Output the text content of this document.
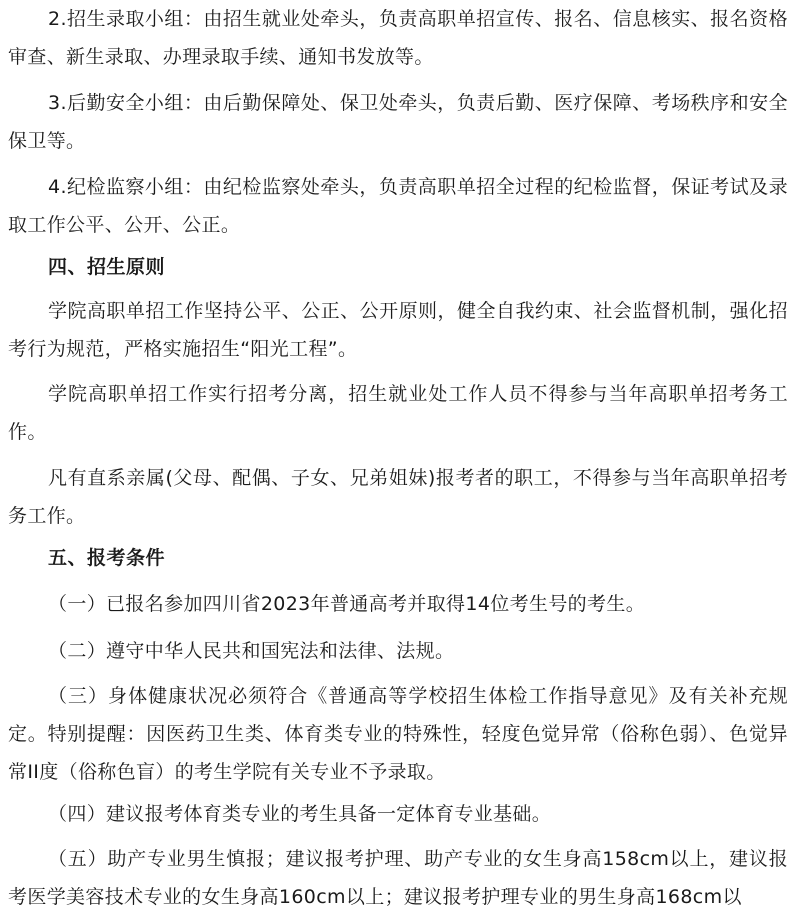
2.招生录取小组：由招生就业处牵头，负责高职单招宣传、报名、信息核实、报名资格审查、新生录取、办理录取手续、通知书发放等。

3.后勤安全小组：由后勤保障处、保卫处牵头，负责后勤、医疗保障、考场秩序和安全保卫等。

4.纪检监察小组：由纪检监察处牵头，负责高职单招全过程的纪检监督，保证考试及录取工作公平、公开、公正。

四、招生原则

学院高职单招工作坚持公平、公正、公开原则，健全自我约束、社会监督机制，强化招考行为规范，严格实施招生“阳光工程”。

学院高职单招工作实行招考分离，招生就业处工作人员不得参与当年高职单招考务工作。

凡有直系亲属(父母、配偶、子女、兄弟姐妹)报考者的职工，不得参与当年高职单招考务工作。

五、报考条件

（一）已报名参加四川省2023年普通高考并取得14位考生号的考生。

（二）遵守中华人民共和国宪法和法律、法规。

（三）身体健康状况必须符合《普通高等学校招生体检工作指导意见》及有关补充规定。特别提醒：因医药卫生类、体育类专业的特殊性，轻度色觉异常（俗称色弱）、色觉异常II度（俗称色盲）的考生学院有关专业不予录取。

（四）建议报考体育类专业的考生具备一定体育专业基础。

（五）助产专业男生慎报；建议报考护理、助产专业的女生身高158cm以上，建议报考医学美容技术专业的女生身高160cm以上；建议报考护理专业的男生身高168cm以
